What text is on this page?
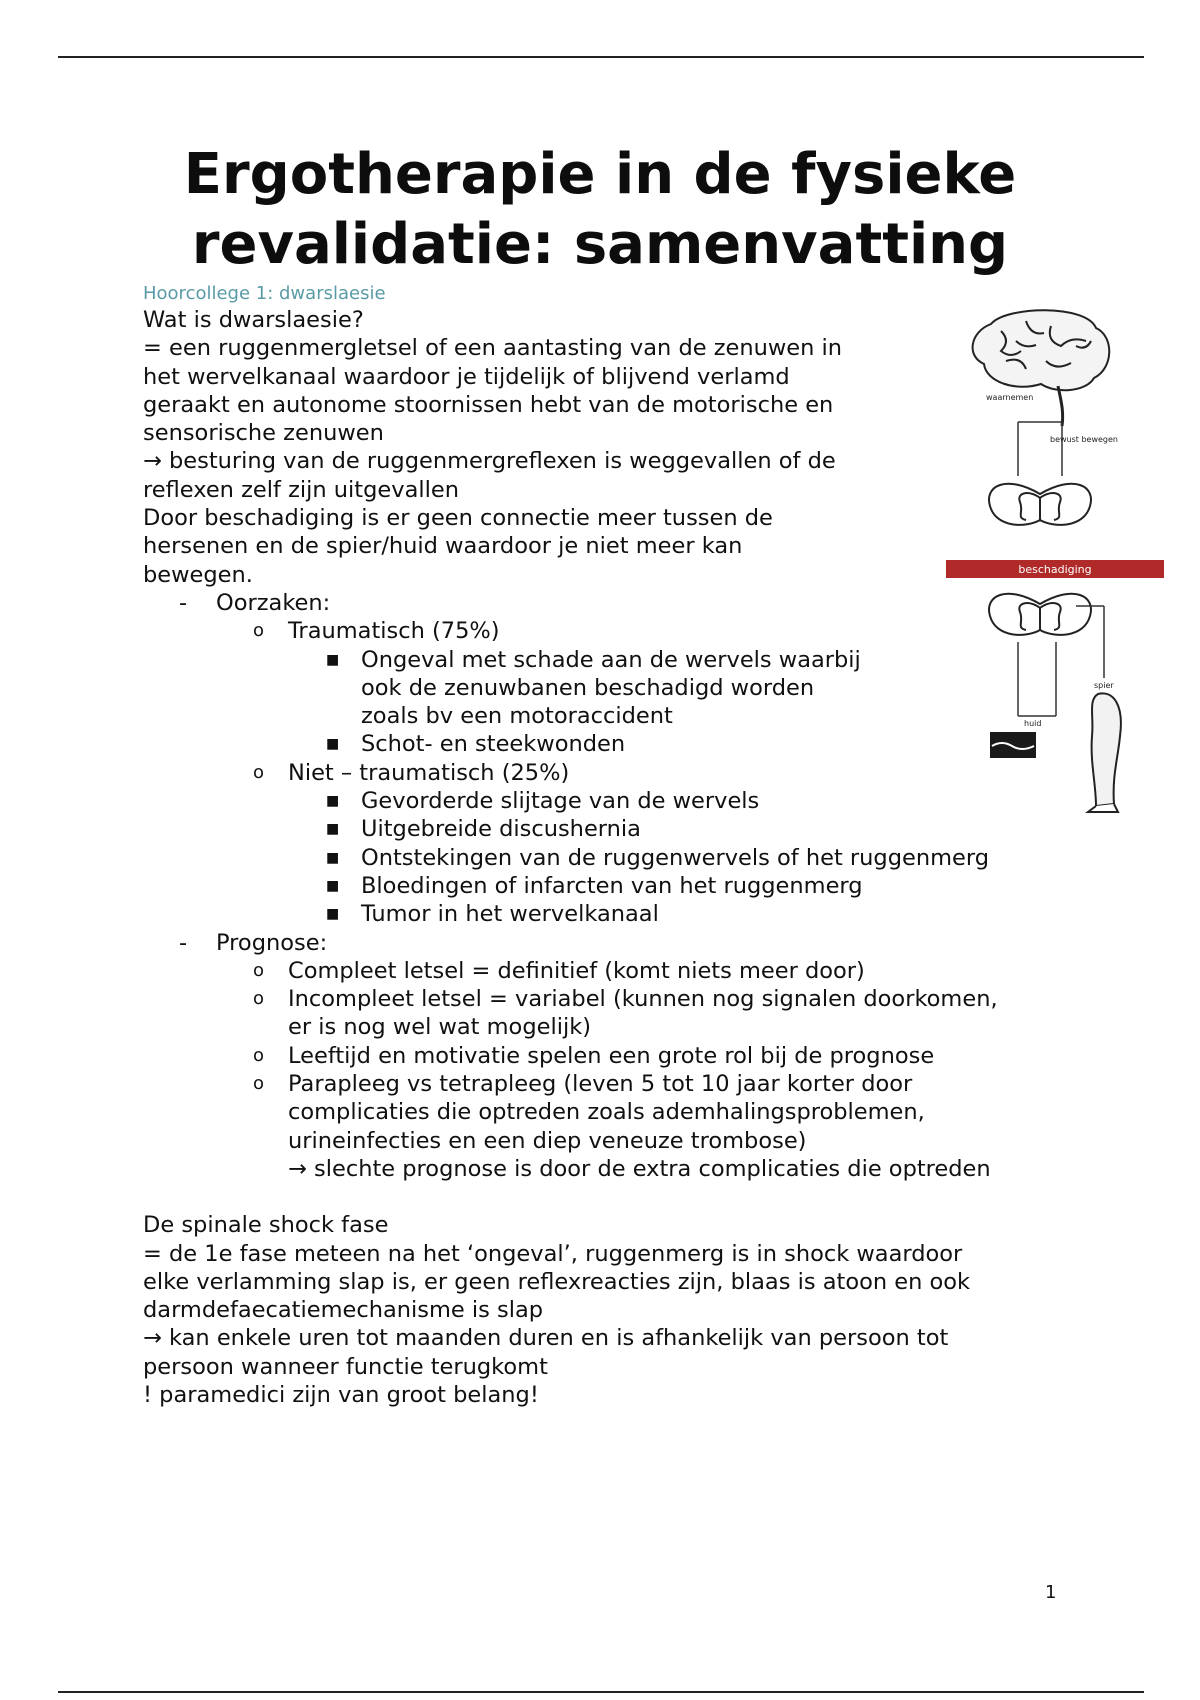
Ergotherapie in de fysieke
revalidatie: samenvatting
Hoorcollege 1: dwarslaesie
Wat is dwarslaesie?
= een ruggenmergletsel of een aantasting van de zenuwen in
het wervelkanaal waardoor je tijdelijk of blijvend verlamd
geraakt en autonome stoornissen hebt van de motorische en
sensorische zenuwen
→ besturing van de ruggenmergreflexen is weggevallen of de
reflexen zelf zijn uitgevallen
Door beschadiging is er geen connectie meer tussen de
hersenen en de spier/huid waardoor je niet meer kan
bewegen.
- Oorzaken:
o Traumatisch (75%)
■ Ongeval met schade aan de wervels waarbij
ook de zenuwbanen beschadigd worden
zoals bv een motoraccident
■ Schot- en steekwonden
o Niet – traumatisch (25%)
■ Gevorderde slijtage van de wervels
■ Uitgebreide discushernia
■ Ontstekingen van de ruggenwervels of het ruggenmerg
■ Bloedingen of infarcten van het ruggenmerg
■ Tumor in het wervelkanaal
- Prognose:
o Compleet letsel = definitief (komt niets meer door)
o Incompleet letsel = variabel (kunnen nog signalen doorkomen,
er is nog wel wat mogelijk)
o Leeftijd en motivatie spelen een grote rol bij de prognose
o Parapleeg vs tetrapleeg (leven 5 tot 10 jaar korter door
complicaties die optreden zoals ademhalingsproblemen,
urineinfecties en een diep veneuze trombose)
→ slechte prognose is door de extra complicaties die optreden
De spinale shock fase
= de 1e fase meteen na het ‘ongeval’, ruggenmerg is in shock waardoor
elke verlamming slap is, er geen reflexreacties zijn, blaas is atoon en ook
darmdefaecatiemechanisme is slap
→ kan enkele uren tot maanden duren en is afhankelijk van persoon tot
persoon wanneer functie terugkomt
! paramedici zijn van groot belang!
waarnemen
bewust bewegen
beschadiging
huid
spier
1
